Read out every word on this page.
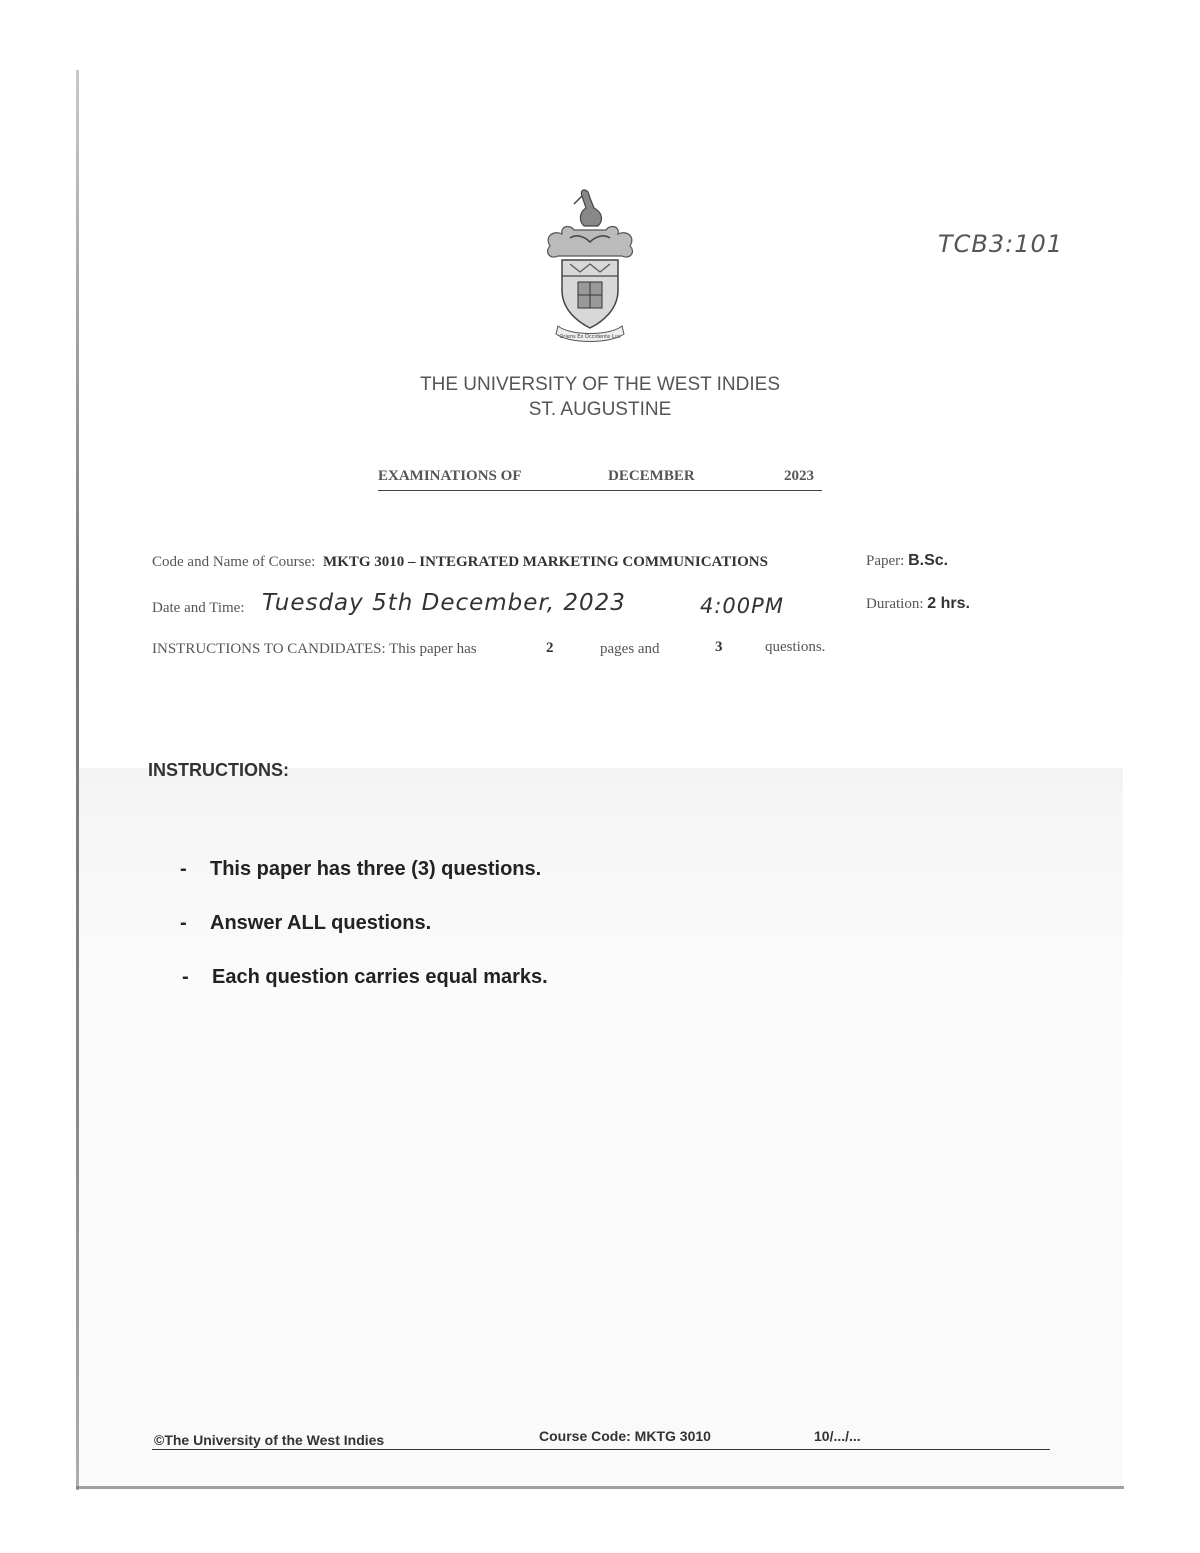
Oriens Ex Occidente Lux
TCB3:101
THE UNIVERSITY OF THE WEST INDIES
ST. AUGUSTINE
EXAMINATIONS OF	DECEMBER	2023
Code and Name of Course: MKTG 3010 – INTEGRATED MARKETING COMMUNICATIONS	Paper: B.Sc.
Date and Time: Tuesday 5th December, 2023	4:00PM	Duration: 2 hrs.
INSTRUCTIONS TO CANDIDATES: This paper has	2	pages and	3	questions.
INSTRUCTIONS:
- This paper has three (3) questions.
- Answer ALL questions.
- Each question carries equal marks.
©The University of the West Indies	Course Code: MKTG 3010	10/.../...
